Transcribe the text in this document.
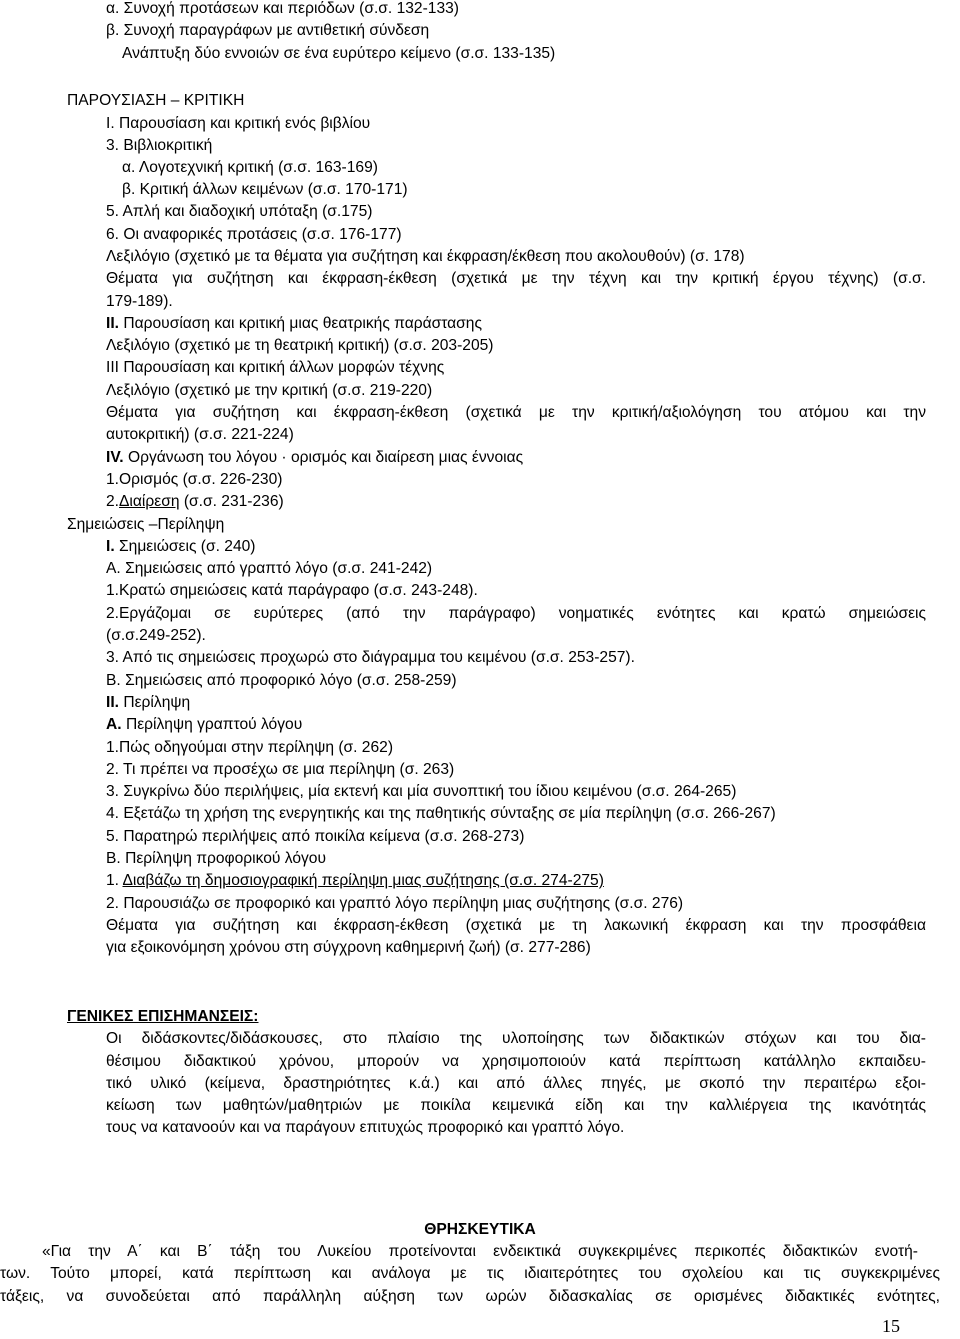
α. Συνοχή προτάσεων και περιόδων (σ.σ. 132-133)
β. Συνοχή παραγράφων με αντιθετική σύνδεση
Ανάπτυξη δύο εννοιών σε ένα ευρύτερο κείμενο (σ.σ. 133-135)
ΠΑΡΟΥΣΙΑΣΗ – ΚΡΙΤΙΚΗ
Ι. Παρουσίαση και κριτική ενός βιβλίου
3. Βιβλιοκριτική
α. Λογοτεχνική κριτική (σ.σ. 163-169)
β. Κριτική άλλων κειμένων (σ.σ. 170-171)
5. Απλή και διαδοχική υπόταξη (σ.175)
6. Οι αναφορικές προτάσεις (σ.σ. 176-177)
Λεξιλόγιο (σχετικό με τα θέματα για συζήτηση και έκφραση/έκθεση που ακολουθούν) (σ. 178)
Θέματα για συζήτηση και έκφραση-έκθεση (σχετικά με την τέχνη και την κριτική έργου τέχνης) (σ.σ.
179-189).
II. Παρουσίαση και κριτική μιας θεατρικής παράστασης
Λεξιλόγιο (σχετικό με τη θεατρική κριτική) (σ.σ. 203-205)
III Παρουσίαση και κριτική άλλων μορφών τέχνης
Λεξιλόγιο (σχετικό με την κριτική (σ.σ. 219-220)
Θέματα για συζήτηση και έκφραση-έκθεση (σχετικά με την κριτική/αξιολόγηση του ατόμου και την
αυτοκριτική) (σ.σ. 221-224)
IV. Οργάνωση του λόγου · ορισμός και διαίρεση μιας έννοιας
1.Ορισμός (σ.σ. 226-230)
2.Διαίρεση (σ.σ. 231-236)
Σημειώσεις –Περίληψη
I. Σημειώσεις (σ. 240)
Α. Σημειώσεις από γραπτό λόγο (σ.σ. 241-242)
1.Κρατώ σημειώσεις κατά παράγραφο (σ.σ. 243-248).
2.Εργάζομαι σε ευρύτερες (από την παράγραφο) νοηματικές ενότητες και κρατώ σημειώσεις
(σ.σ.249-252).
3. Από τις σημειώσεις προχωρώ στο διάγραμμα του κειμένου (σ.σ. 253-257).
Β. Σημειώσεις από προφορικό λόγο (σ.σ. 258-259)
II. Περίληψη
Α. Περίληψη γραπτού λόγου
1.Πώς οδηγούμαι στην περίληψη (σ. 262)
2. Τι πρέπει να προσέχω σε μια περίληψη (σ. 263)
3. Συγκρίνω δύο περιλήψεις, μία εκτενή και μία συνοπτική του ίδιου κειμένου (σ.σ. 264-265)
4. Εξετάζω τη χρήση της ενεργητικής και της παθητικής σύνταξης σε μία περίληψη (σ.σ. 266-267)
5. Παρατηρώ περιλήψεις από ποικίλα κείμενα (σ.σ. 268-273)
Β. Περίληψη προφορικού λόγου
1. Διαβάζω τη δημοσιογραφική περίληψη μιας συζήτησης (σ.σ. 274-275)
2. Παρουσιάζω σε προφορικό και γραπτό λόγο περίληψη μιας συζήτησης (σ.σ. 276)
Θέματα για συζήτηση και έκφραση-έκθεση (σχετικά με τη λακωνική έκφραση και την προσφάθεια
για εξοικονόμηση χρόνου στη σύγχρονη καθημερινή ζωή) (σ. 277-286)
ΓΕΝΙΚΕΣ ΕΠΙΣΗΜΑΝΣΕΙΣ:
Οι διδάσκοντες/διδάσκουσες, στο πλαίσιο της υλοποίησης των διδακτικών στόχων και του δια-
θέσιμου διδακτικού χρόνου, μπορούν να χρησιμοποιούν κατά περίπτωση κατάλληλο εκπαιδευ-
τικό υλικό (κείμενα, δραστηριότητες κ.ά.) και από άλλες πηγές, με σκοπό την περαιτέρω εξοι-
κείωση των μαθητών/μαθητριών με ποικίλα κειμενικά είδη και την καλλιέργεια της ικανότητάς
τους να κατανοούν και να παράγουν επιτυχώς προφορικό και γραπτό λόγο.
ΘΡΗΣΚΕΥΤΙΚΑ
«Για την Α΄ και Β΄ τάξη του Λυκείου προτείνονται ενδεικτικά συγκεκριμένες περικοπές διδακτικών ενοτή-
των. Τούτο μπορεί, κατά περίπτωση και ανάλογα με τις ιδιαιτερότητες του σχολείου και τις συγκεκριμένες
τάξεις, να συνοδεύεται από παράλληλη αύξηση των ωρών διδασκαλίας σε ορισμένες διδακτικές ενότητες,
15
